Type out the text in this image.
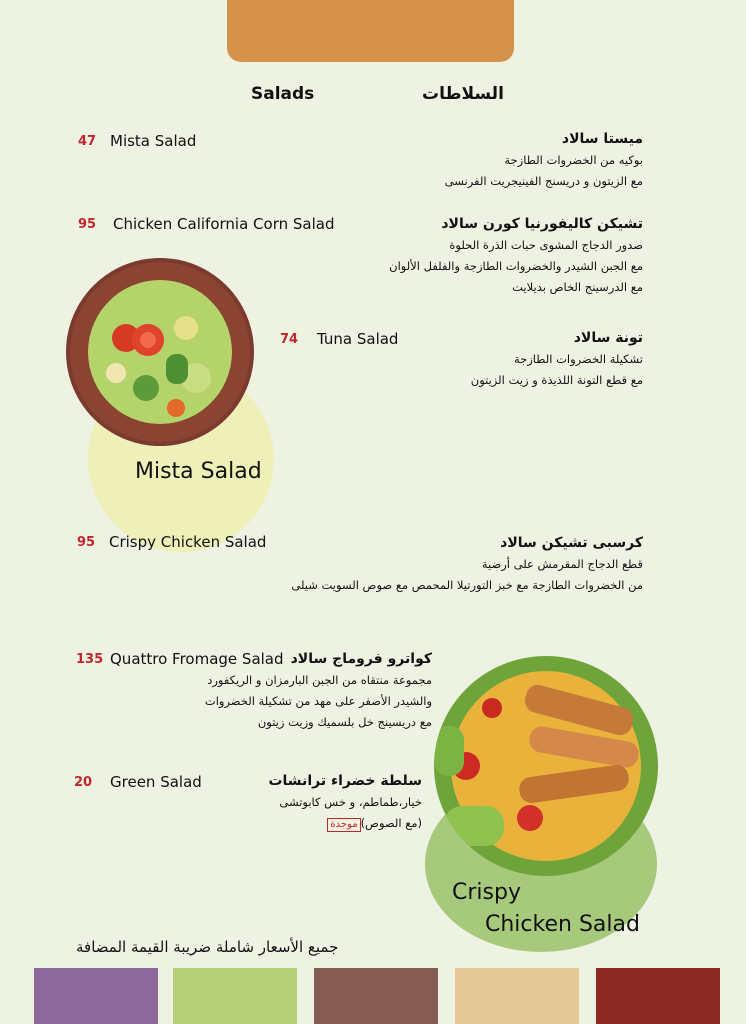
Salads	السلاطات
Mista Salad
Crispy
Chicken Salad
47 Mista Salad	ميستا سالاد
بوكيه من الخضروات الطازجة
مع الزيتون و دريسنج الفينيجريت الفرنسى
95 Chicken California Corn Salad	تشيكن كاليفورنيا كورن سالاد
صدور الدجاج المشوى حبات الذرة الحلوة
مع الجبن الشيدر والخضروات الطازجة والفلفل الألوان
مع الدرسينج الخاص بديلايت
74 Tuna Salad	تونة سالاد
تشكيلة الخضروات الطازجة
مع قطع التونة اللذيذة و زيت الزيتون
95 Crispy Chicken Salad	كرسبى تشيكن سالاد
قطع الدجاج المقرمش على أرضية
من الخضروات الطازجة مع خبز التورتيلا المحمص مع صوص السويت شيلى
135 Quattro Fromage Salad كواترو فروماج سالاد
مجموعة منتقاه من الجبن البارمزان و الريكفورد
والشيدر الأصفر على مهد من تشكيلة الخضروات
مع دريسينج خل بلسميك وزيت زيتون
20 Green Salad	سلطة خضراء ترانشات
خيار،طماطم، و خس كابوتشى
(مع الصوص)موجدة
جميع الأسعار شاملة ضريبة القيمة المضافة
